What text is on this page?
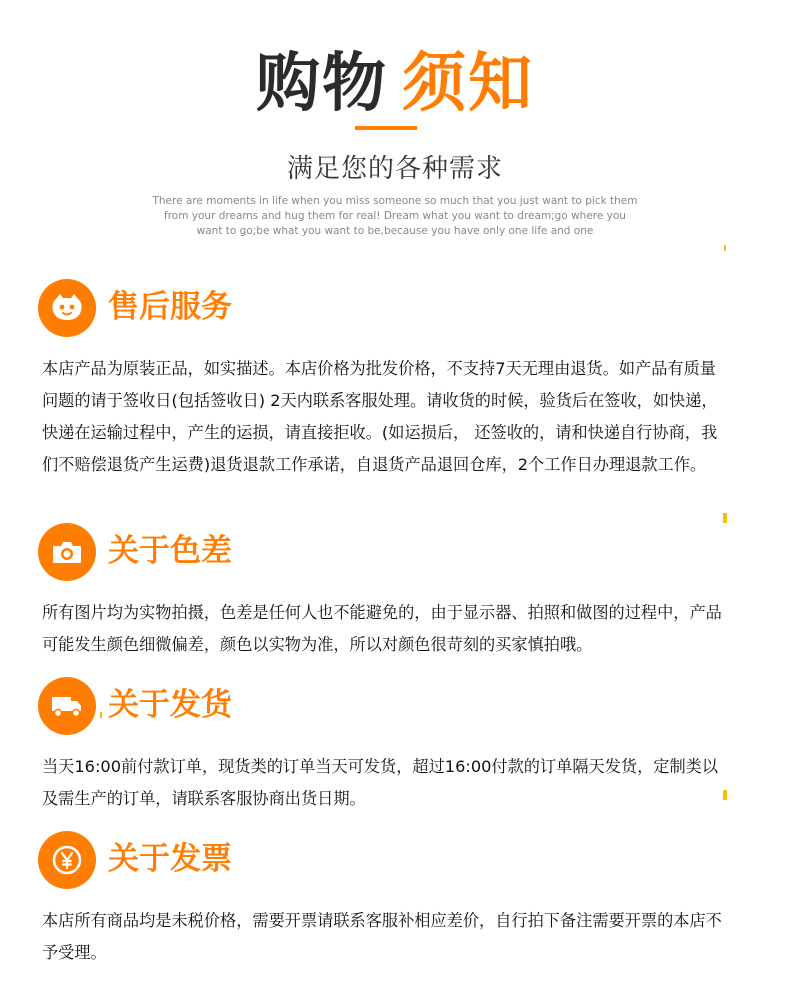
购物 须知
满足您的各种需求
There are moments in life when you miss someone so much that you just want to pick them from your dreams and hug them for real! Dream what you want to dream;go where you want to go;be what you want to be,because you have only one life and one
售后服务
本店产品为原装正品，如实描述。本店价格为批发价格，不支持7天无理由退货。如产品有质量问题的请于签收日(包括签收日) 2天内联系客服处理。请收货的时候，验货后在签收，如快递，快递在运输过程中，产生的运损，请直接拒收。(如运损后， 还签收的，请和快递自行协商，我们不赔偿退货产生运费)退货退款工作承诺，自退货产品退回仓库，2个工作日办理退款工作。
关于色差
所有图片均为实物拍摄，色差是任何人也不能避免的，由于显示器、拍照和做图的过程中，产品可能发生颜色细微偏差，颜色以实物为准，所以对颜色很苛刻的买家慎拍哦。
关于发货
当天16:00前付款订单，现货类的订单当天可发货，超过16:00付款的订单隔天发货，定制类以及需生产的订单，请联系客服协商出货日期。
关于发票
本店所有商品均是未税价格，需要开票请联系客服补相应差价，自行拍下备注需要开票的本店不予受理。
